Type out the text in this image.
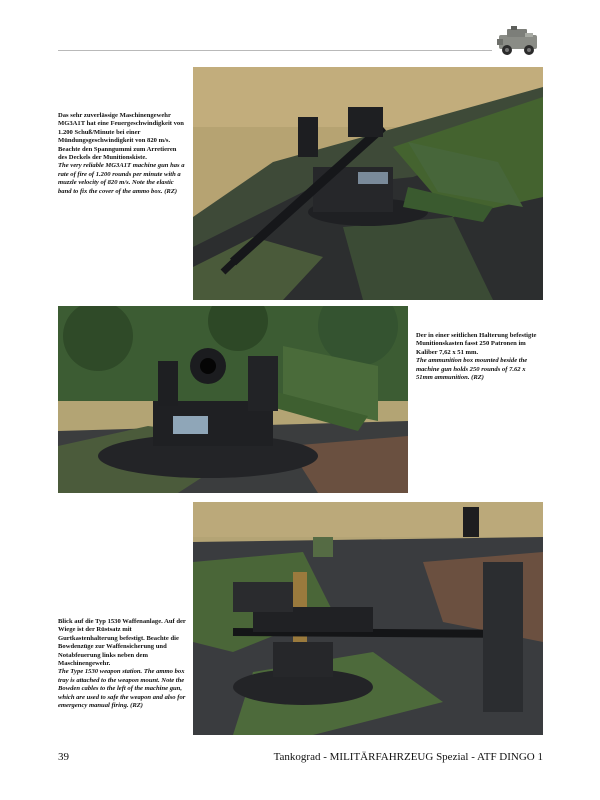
Das sehr zuverlässige Maschinengewehr MG3A1T hat eine Feuergeschwindigkeit von 1.200 Schuß/Minute bei einer Mündungsgeschwindigkeit von 820 m/s. Beachte den Spanngummi zum Arretieren des Deckels der Munitionskiste.

The very reliable MG3A1T machine gun has a rate of fire of 1.200 rounds per minute with a muzzle velocity of 820 m/s. Note the elastic band to fix the cover of the ammo box. (RZ)

Der in einer seitlichen Halterung befestigte Munitionskasten fasst 250 Patronen im Kaliber 7,62 x 51 mm.

The ammunition box mounted beside the machine gun holds 250 rounds of 7.62 x 51mm ammunition. (RZ)

Blick auf die Typ 1530 Waffenanlage. Auf der Wiege ist der Rüstsatz mit Gurtkastenhalterung befestigt. Beachte die Bowdenzüge zur Waffensicherung und Notabfeuerung links neben dem Maschinengewehr.

The Type 1530 weapon station. The ammo box tray is attached to the weapon mount. Note the Bowden cables to the left of the machine gun, which are used to safe the weapon and also for emergency manual firing. (RZ)

39	Tankograd - MILITÄRFAHRZEUG Spezial - ATF DINGO 1
